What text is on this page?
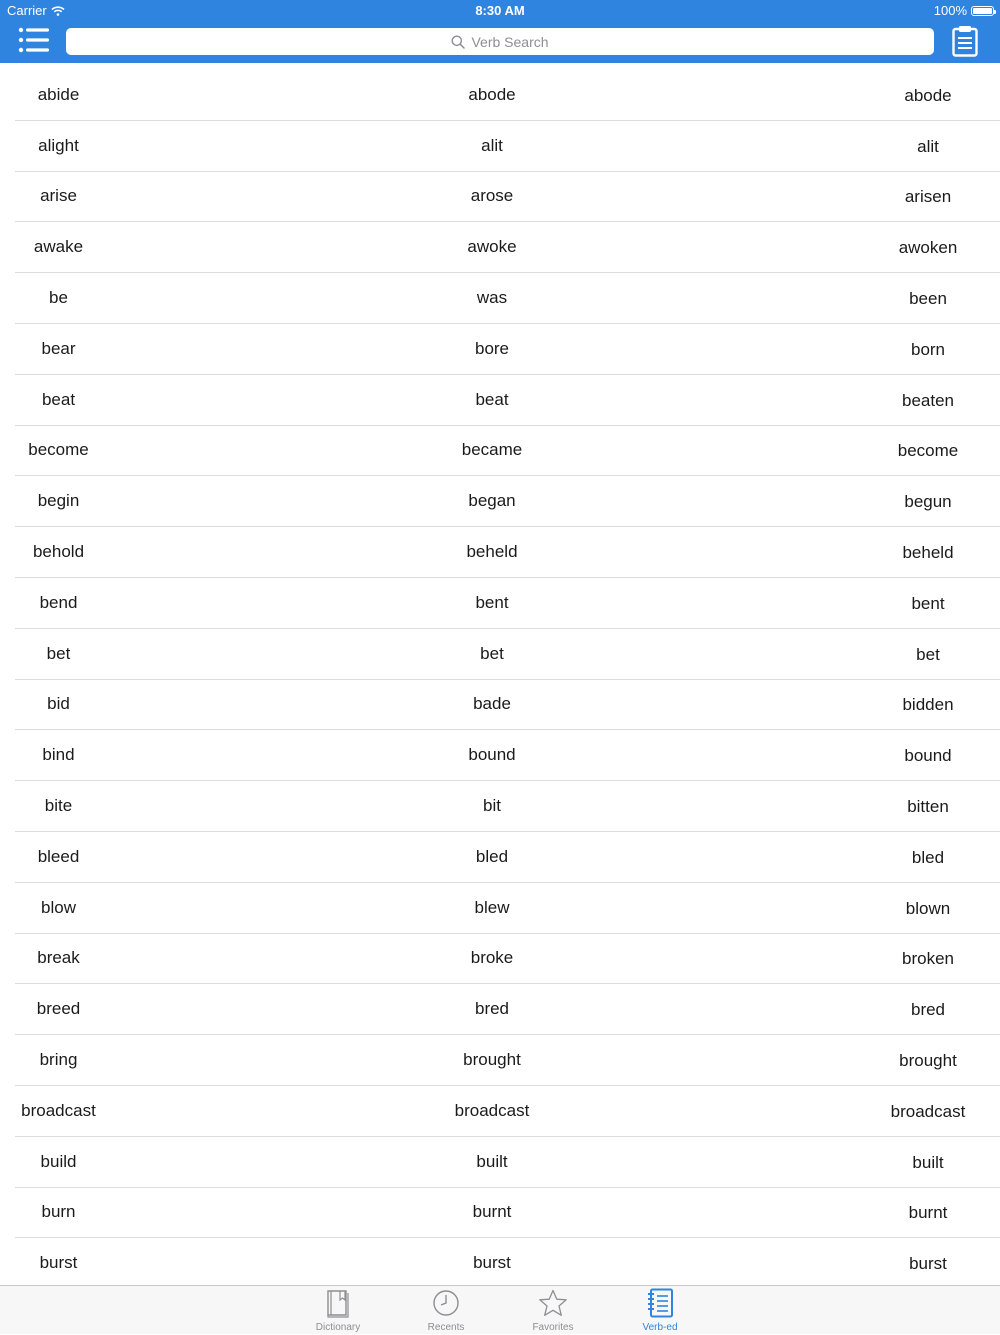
Carrier	8:30 AM	100%
Verb Search
abide	abode	abode
alight	alit	alit
arise	arose	arisen
awake	awoke	awoken
be	was	been
bear	bore	born
beat	beat	beaten
become	became	become
begin	began	begun
behold	beheld	beheld
bend	bent	bent
bet	bet	bet
bid	bade	bidden
bind	bound	bound
bite	bit	bitten
bleed	bled	bled
blow	blew	blown
break	broke	broken
breed	bred	bred
bring	brought	brought
broadcast	broadcast	broadcast
build	built	built
burn	burnt	burnt
burst	burst	burst
Dictionary	Recents	Favorites	Verb-ed
